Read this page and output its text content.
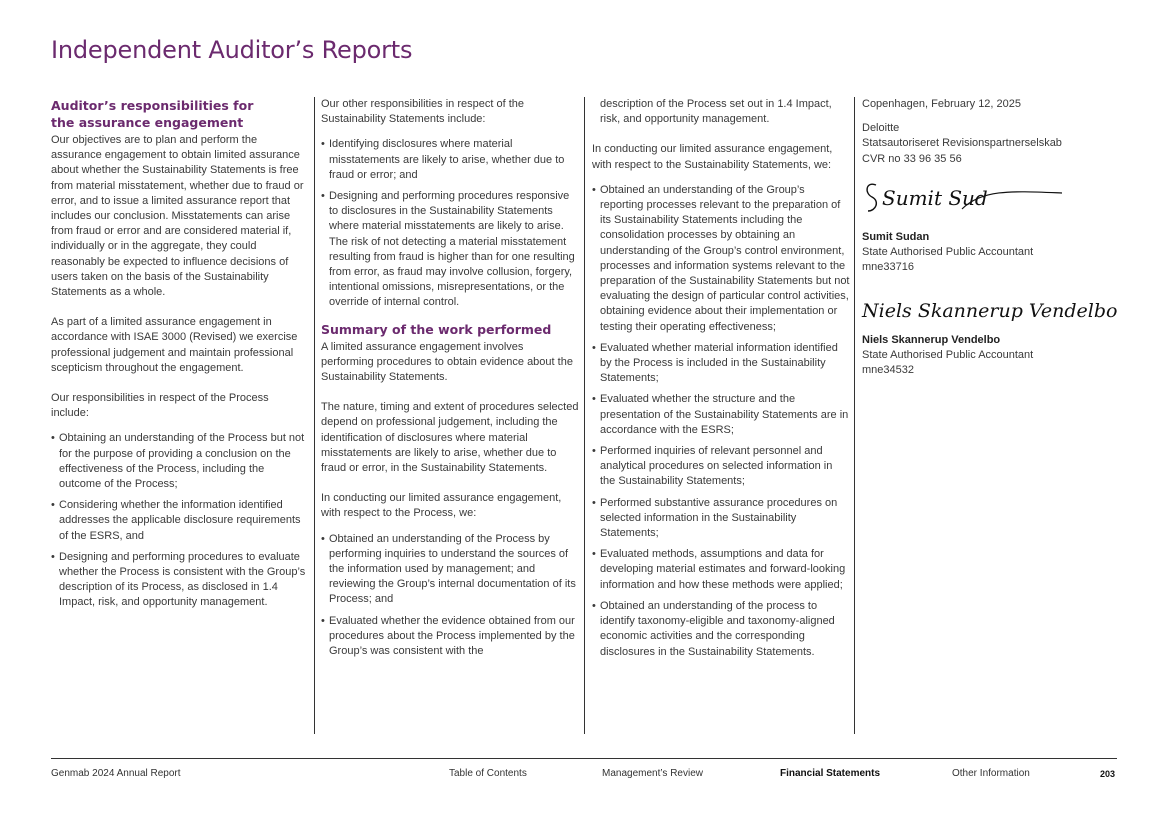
Independent Auditor’s Reports
Auditor’s responsibilities for
the assurance engagement

Our objectives are to plan and perform the assurance engagement to obtain limited assurance about whether the Sustainability Statements is free from material misstatement, whether due to fraud or error, and to issue a limited assurance report that includes our conclusion. Misstatements can arise from fraud or error and are considered material if, individually or in the aggregate, they could reasonably be expected to influence decisions of users taken on the basis of the Sustainability Statements as a whole.

As part of a limited assurance engagement in accordance with ISAE 3000 (Revised) we exercise professional judgement and maintain professional scepticism throughout the engagement.

Our responsibilities in respect of the Process include:

• Obtaining an understanding of the Process but not for the purpose of providing a conclusion on the effectiveness of the Process, including the outcome of the Process;
• Considering whether the information identified addresses the applicable disclosure requirements of the ESRS, and
• Designing and performing procedures to evaluate whether the Process is consistent with the Group’s description of its Process, as disclosed in 1.4 Impact, risk, and opportunity management.

Our other responsibilities in respect of the Sustainability Statements include:

• Identifying disclosures where material misstatements are likely to arise, whether due to fraud or error; and
• Designing and performing procedures responsive to disclosures in the Sustainability Statements where material misstatements are likely to arise. The risk of not detecting a material misstatement resulting from fraud is higher than for one resulting from error, as fraud may involve collusion, forgery, intentional omissions, misrepresentations, or the override of internal control.
Summary of the work performed

A limited assurance engagement involves performing procedures to obtain evidence about the Sustainability Statements.

The nature, timing and extent of procedures selected depend on professional judgement, including the identification of disclosures where material misstatements are likely to arise, whether due to fraud or error, in the Sustainability Statements.

In conducting our limited assurance engagement, with respect to the Process, we:

• Obtained an understanding of the Process by performing inquiries to understand the sources of the information used by management; and reviewing the Group’s internal documentation of its Process; and
• Evaluated whether the evidence obtained from our procedures about the Process implemented by the Group’s was consistent with the

description of the Process set out in 1.4 Impact, risk, and opportunity management.

In conducting our limited assurance engagement, with respect to the Sustainability Statements, we:

• Obtained an understanding of the Group’s reporting processes relevant to the preparation of its Sustainability Statements including the consolidation processes by obtaining an understanding of the Group’s control environment, processes and information systems relevant to the preparation of the Sustainability Statements but not evaluating the design of particular control activities, obtaining evidence about their implementation or testing their operating effectiveness;
• Evaluated whether material information identified by the Process is included in the Sustainability Statements;
• Evaluated whether the structure and the presentation of the Sustainability Statements are in accordance with the ESRS;
• Performed inquiries of relevant personnel and analytical procedures on selected information in the Sustainability Statements;
• Performed substantive assurance procedures on selected information in the Sustainability Statements;
• Evaluated methods, assumptions and data for developing material estimates and forward-looking information and how these methods were applied;
• Obtained an understanding of the process to identify taxonomy-eligible and taxonomy-aligned economic activities and the corresponding disclosures in the Sustainability Statements.

Copenhagen, February 12, 2025

Deloitte
Statsautoriseret Revisionspartnerselskab
CVR no 33 96 35 56
Sumit Sud
Sumit Sudan
State Authorised Public Accountant
mne33716
Niels Skannerup Vendelbo
Niels Skannerup Vendelbo
State Authorised Public Accountant
mne34532
Genmab 2024 Annual Report	Table of Contents	Management’s Review	Financial Statements	Other Information	203
